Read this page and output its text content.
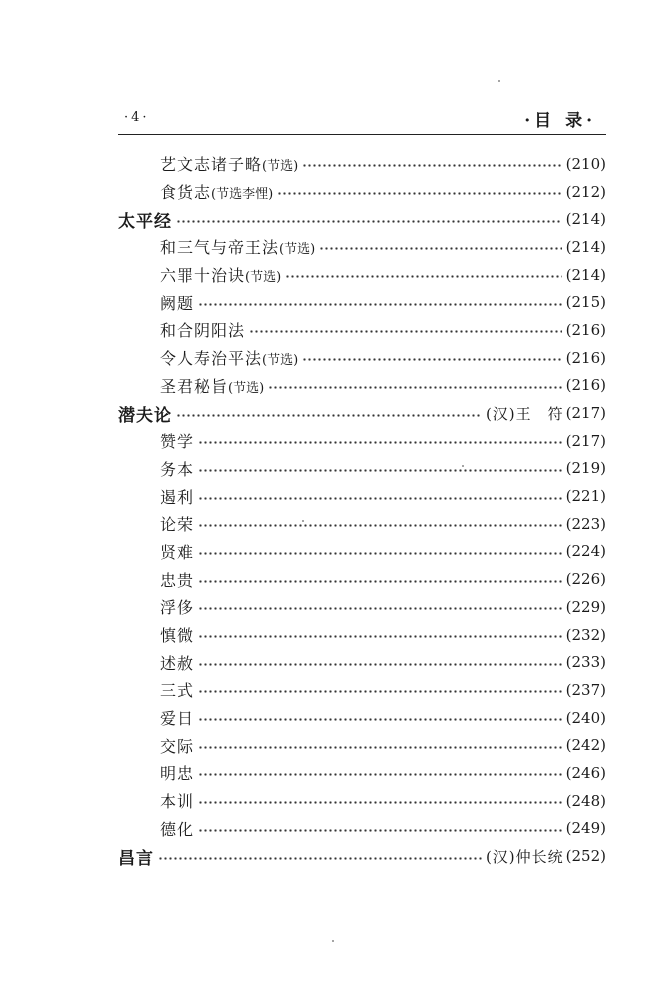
·4·	·目 录·
艺文志诸子略(节选)	(210)
食货志(节选李悝)	(212)
太平经	(214)
和三气与帝王法(节选)	(214)
六罪十治诀(节选)	(214)
阙题	(215)
和合阴阳法	(216)
令人寿治平法(节选)	(216)
圣君秘旨(节选)	(216)
潜夫论	(汉)王　符 (217)
赞学	(217)
务本	(219)
遏利	(221)
论荣	(223)
贤难	(224)
忠贵	(226)
浮侈	(229)
慎微	(232)
述赦	(233)
三式	(237)
爱日	(240)
交际	(242)
明忠	(246)
本训	(248)
德化	(249)
昌言	(汉)仲长统 (252)
